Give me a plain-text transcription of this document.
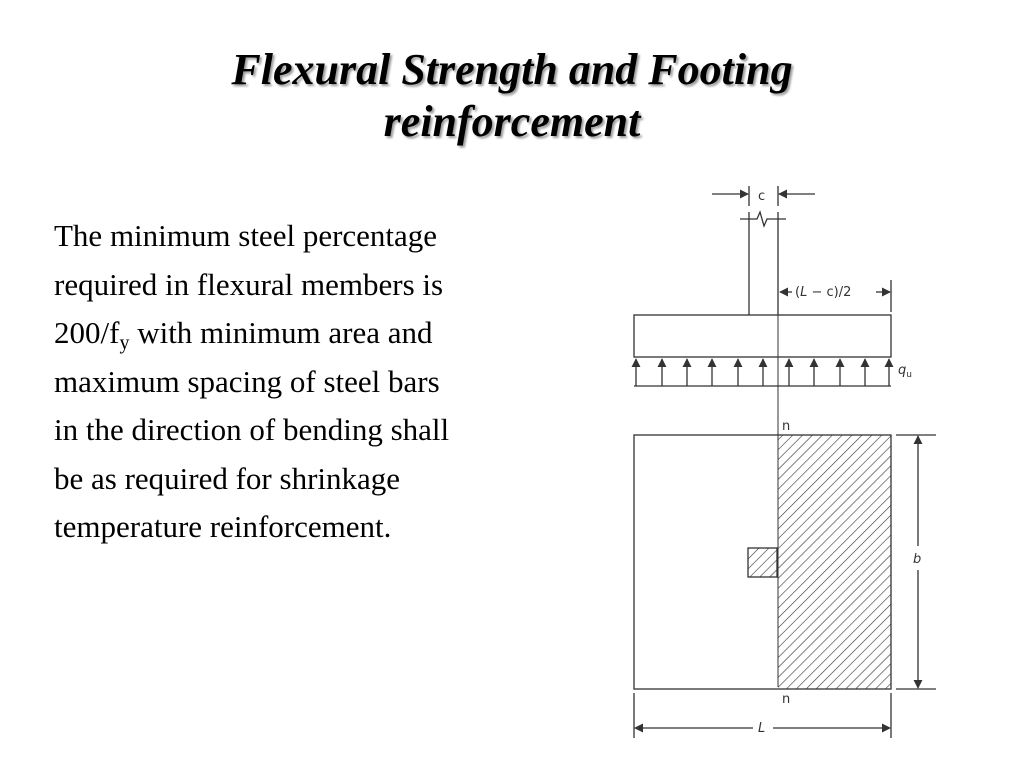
Flexural Strength and Footing
reinforcement
The minimum steel percentage
required in flexural members is
$200/f_y$ with minimum area and
maximum spacing of steel bars
in the direction of bending shall
be as required for shrinkage
temperature reinforcement.
c
(L − c)/2
qu
n
n
b
L
